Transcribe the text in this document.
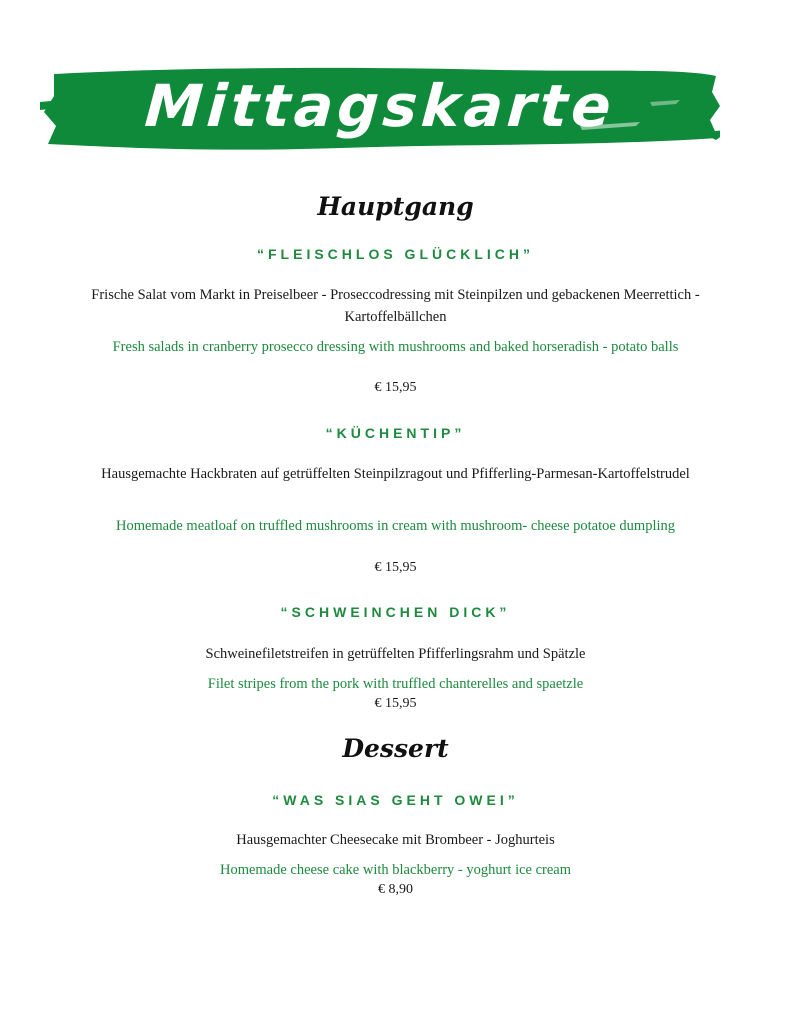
Mittagskarte
Hauptgang
“FLEISCHLOS GLÜCKLICH”
Frische Salat vom Markt in Preiselbeer - Proseccodressing mit Steinpilzen und gebackenen Meerrettich - Kartoffelbällchen
Fresh salads in cranberry prosecco dressing with mushrooms and baked horseradish - potato balls
€ 15,95
“KÜCHENTIP”
Hausgemachte Hackbraten auf getrüffelten Steinpilzragout und Pfifferling-Parmesan-Kartoffelstrudel
Homemade meatloaf on truffled mushrooms in cream with mushroom- cheese potatoe dumpling
€ 15,95
“SCHWEINCHEN DICK”
Schweinefiletstreifen in getrüffelten Pfifferlingsrahm und Spätzle
Filet stripes from the pork with truffled chanterelles and spaetzle
€ 15,95
Dessert
“WAS SIAS GEHT OWEI”
Hausgemachter Cheesecake mit Brombeer - Joghurteis
Homemade cheese cake with blackberry - yoghurt ice cream
€ 8,90
